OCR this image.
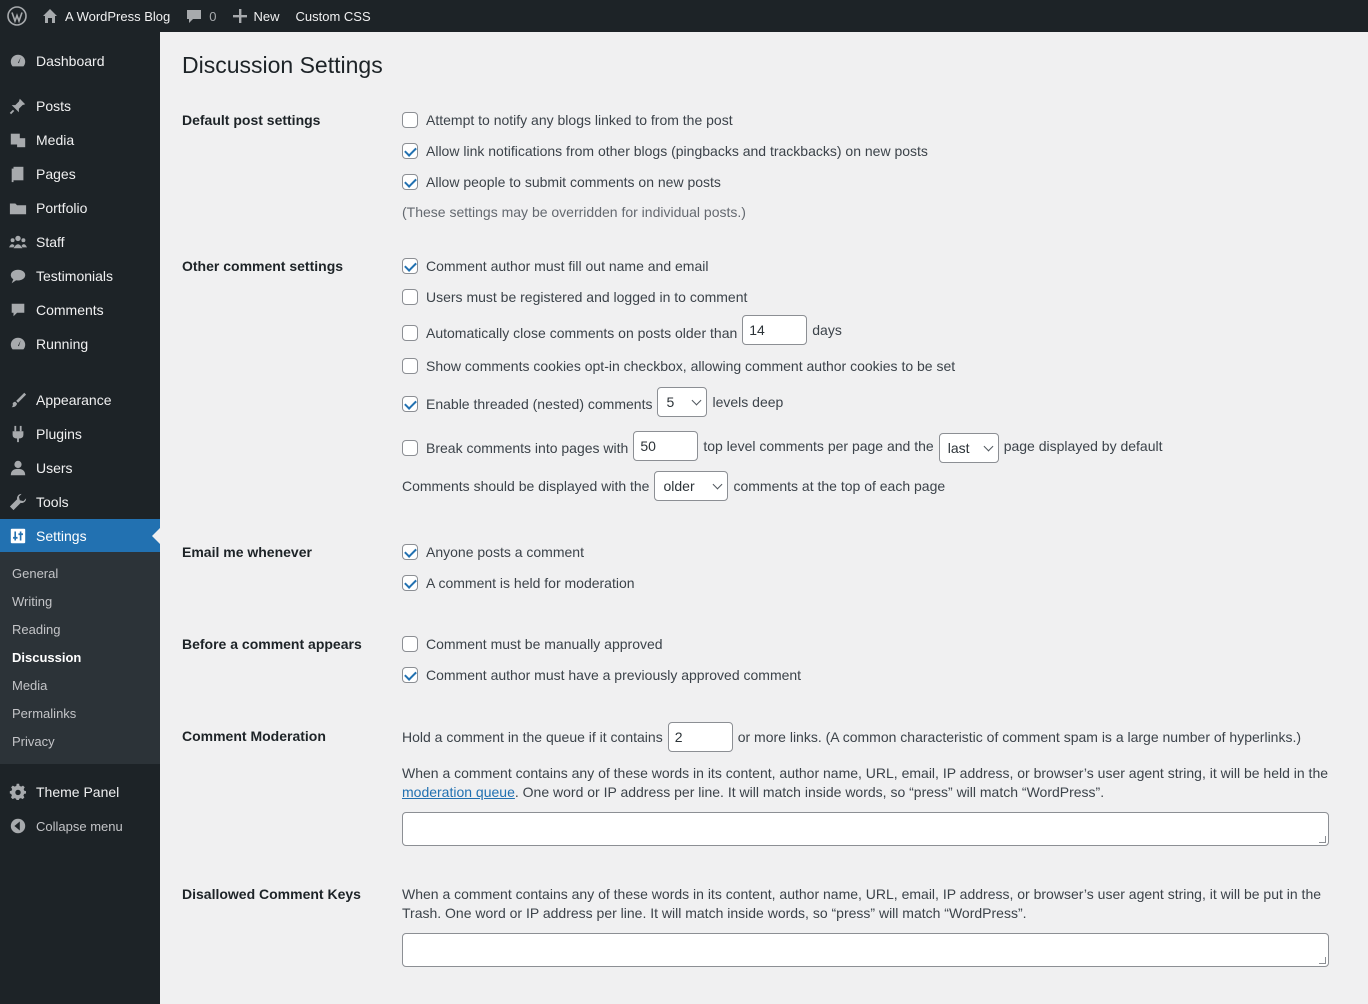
A WordPress Blog	0	New Custom CSS
Dashboard
Posts
Media
Pages
Portfolio
Staff
Testimonials
Comments
Running
Appearance
Plugins
Users
Tools
Settings
General
Writing
Reading
Discussion
Media
Permalinks
Privacy
Theme Panel
Collapse menu
Discussion Settings
Default post settings	Attempt to notify any blogs linked to from the post
Allow link notifications from other blogs (pingbacks and trackbacks) on new posts
Allow people to submit comments on new posts
(These settings may be overridden for individual posts.)
Other comment settings	Comment author must fill out name and email
Users must be registered and logged in to comment
Automatically close comments on posts older than
14	days
Show comments cookies opt-in checkbox, allowing comment author cookies to be set
Enable threaded (nested) comments 5	levels deep
Break comments into pages with
50	top level comments per page and the last page displayed by default
Comments should be displayed with the older	comments at the top of each page
Email me whenever	Anyone posts a comment
A comment is held for moderation
Before a comment appears	Comment must be manually approved
Comment author must have a previously approved comment
Comment Moderation	Hold a comment in the queue if it contains
2	or more links. (A common characteristic of comment spam is a large number of hyperlinks.)
When a comment contains any of these words in its content, author name, URL, email, IP address, or browser’s user agent string, it will be held in the moderation queue. One word or IP address per line. It will match inside words, so “press” will match “WordPress”.
Disallowed Comment Keys	When a comment contains any of these words in its content, author name, URL, email, IP address, or browser’s user agent string, it will be put in the Trash. One word or IP address per line. It will match inside words, so “press” will match “WordPress”.
